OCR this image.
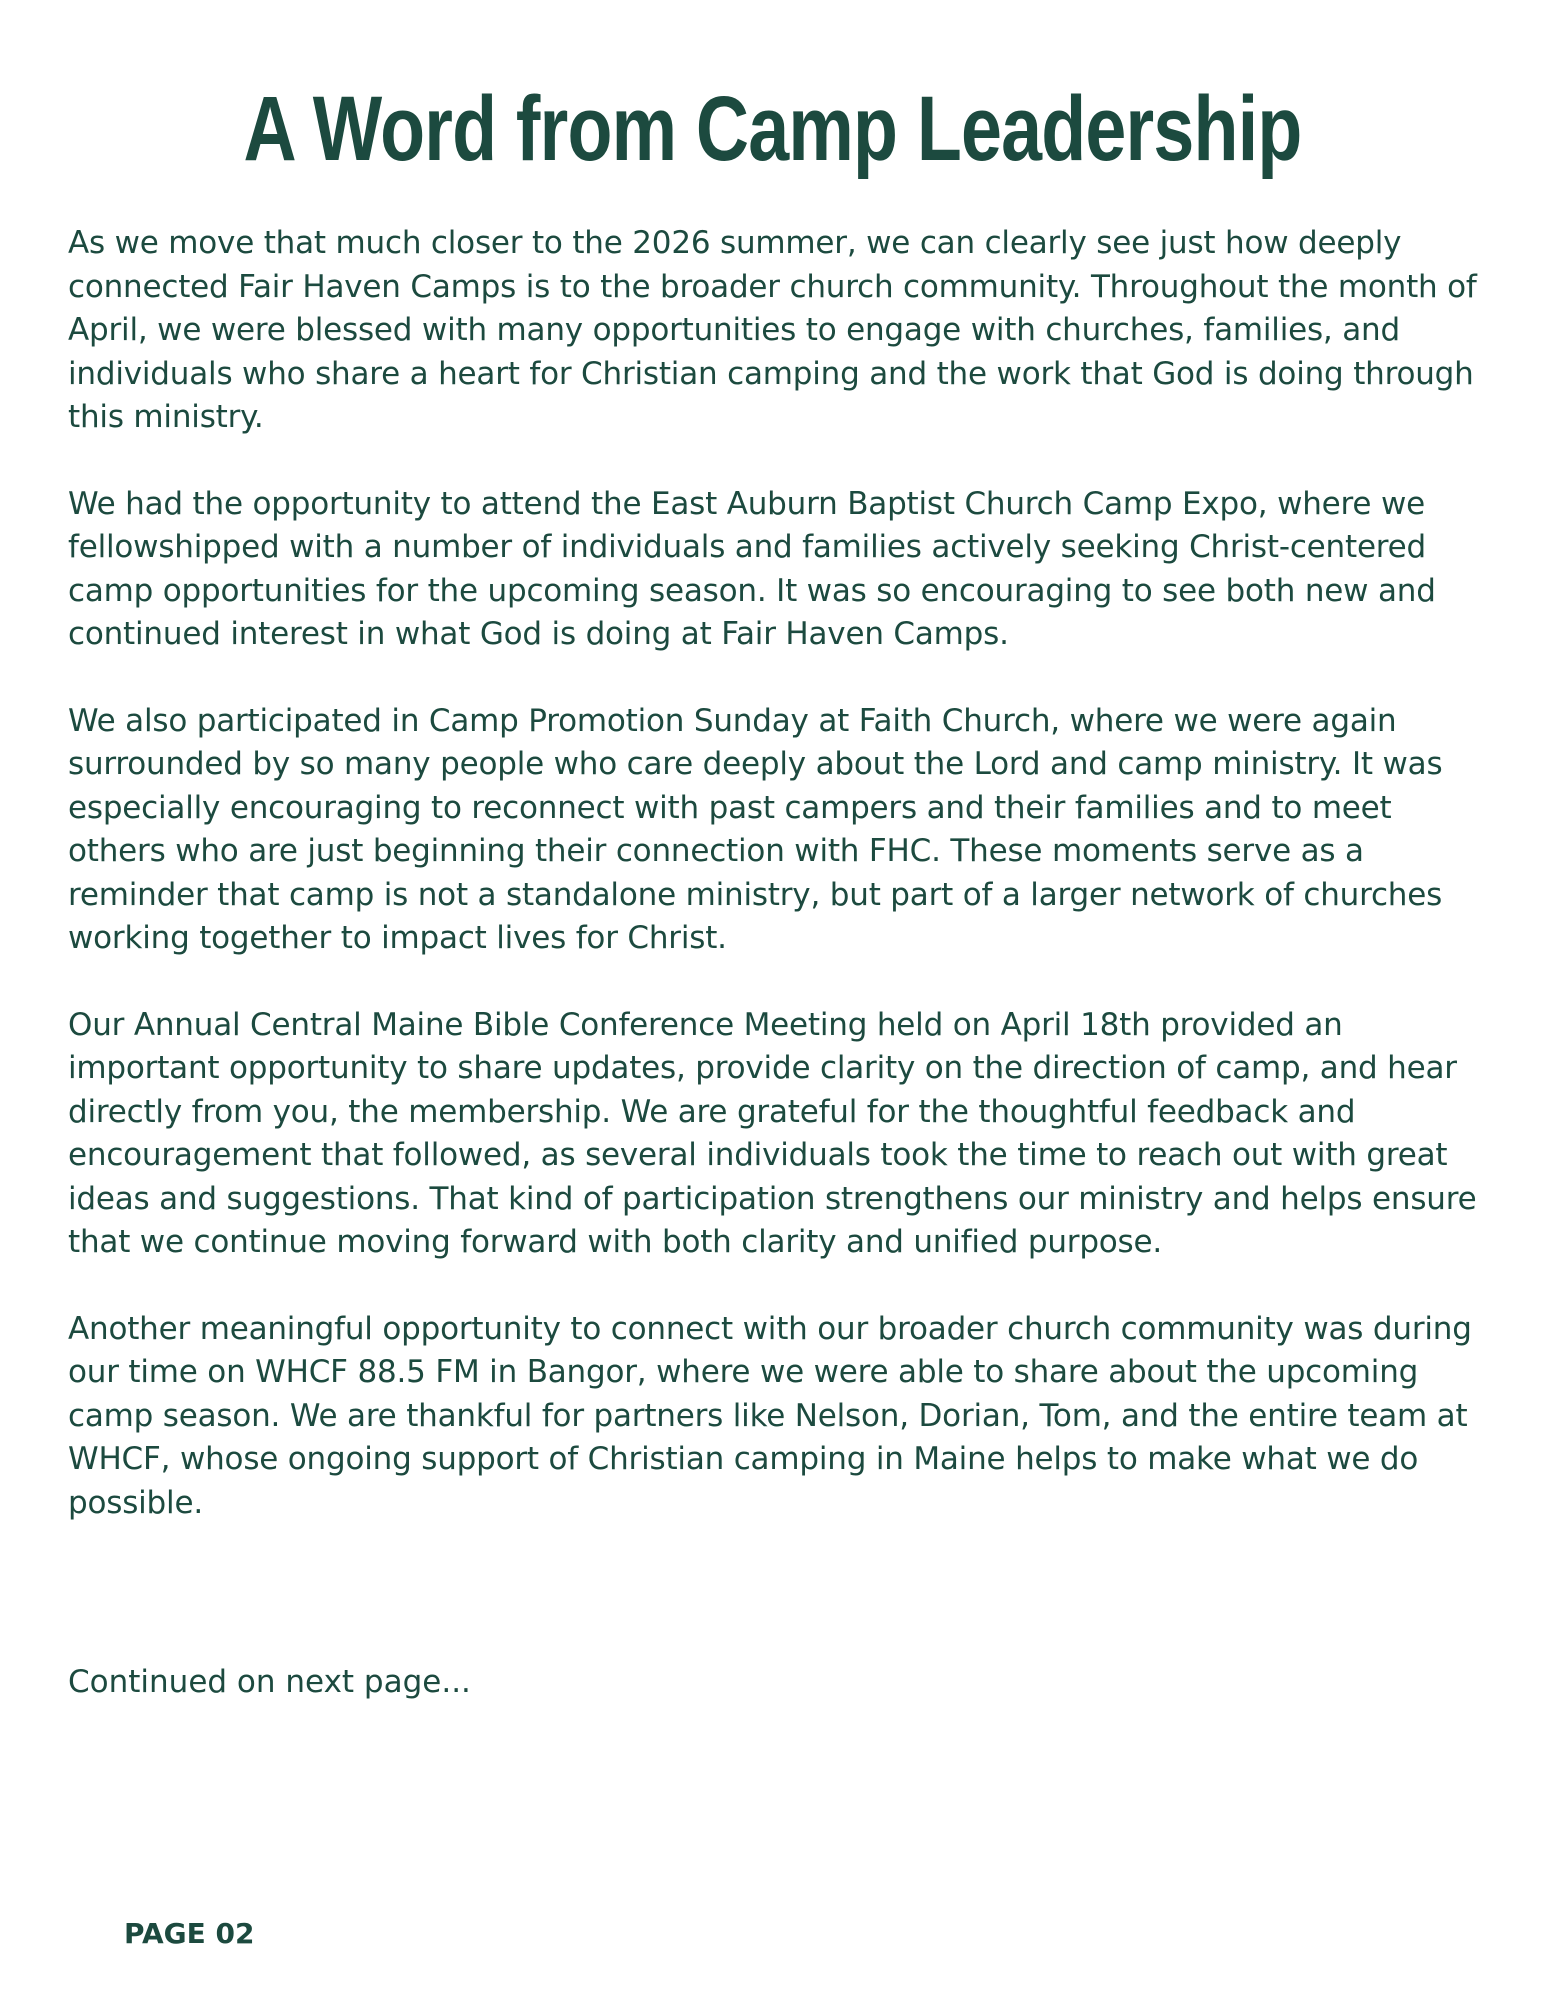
A Word from Camp Leadership

As we move that much closer to the 2026 summer, we can clearly see just how deeply connected Fair Haven Camps is to the broader church community. Throughout the month of April, we were blessed with many opportunities to engage with churches, families, and individuals who share a heart for Christian camping and the work that God is doing through this ministry.

We had the opportunity to attend the East Auburn Baptist Church Camp Expo, where we fellowshipped with a number of individuals and families actively seeking Christ-centered camp opportunities for the upcoming season. It was so encouraging to see both new and continued interest in what God is doing at Fair Haven Camps.

We also participated in Camp Promotion Sunday at Faith Church, where we were again surrounded by so many people who care deeply about the Lord and camp ministry. It was especially encouraging to reconnect with past campers and their families and to meet others who are just beginning their connection with FHC. These moments serve as a reminder that camp is not a standalone ministry, but part of a larger network of churches working together to impact lives for Christ.

Our Annual Central Maine Bible Conference Meeting held on April 18th provided an important opportunity to share updates, provide clarity on the direction of camp, and hear directly from you, the membership. We are grateful for the thoughtful feedback and encouragement that followed, as several individuals took the time to reach out with great ideas and suggestions. That kind of participation strengthens our ministry and helps ensure that we continue moving forward with both clarity and unified purpose.

Another meaningful opportunity to connect with our broader church community was during our time on WHCF 88.5 FM in Bangor, where we were able to share about the upcoming camp season. We are thankful for partners like Nelson, Dorian, Tom, and the entire team at WHCF, whose ongoing support of Christian camping in Maine helps to make what we do possible.

Continued on next page...

PAGE 02
